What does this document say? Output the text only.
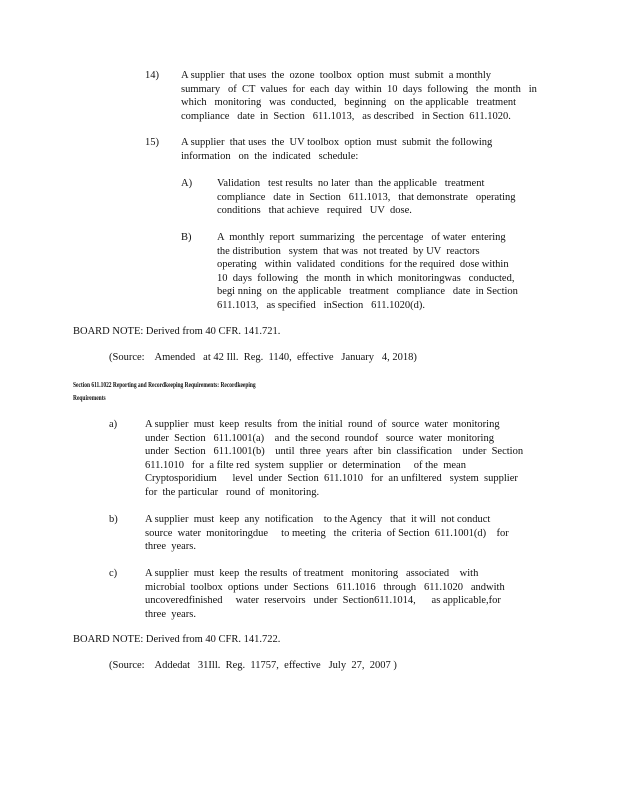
14) A supplier  that uses  the  ozone  toolbox  option  must  submit  a monthly
summary   of  CT  values  for  each  day  within  10  days  following   the  month   in
which   monitoring   was  conducted,   beginning   on  the applicable   treatment
compliance   date  in  Section   611.1013,   as described   in Section  611.1020.
15) A supplier  that uses  the  UV toolbox  option  must  submit  the following
information   on  the  indicated   schedule:
A) Validation   test results  no later  than  the applicable   treatment
compliance   date  in  Section   611.1013,   that demonstrate   operating
conditions   that achieve   required   UV  dose.
B) A  monthly  report  summarizing   the percentage   of water  entering
the distribution   system  that was  not treated  by UV  reactors
operating   within  validated  conditions  for the required  dose within
10  days  following   the  month  in which  monitoringwas   conducted,
begi nning  on  the applicable   treatment   compliance   date  in Section
611.1013,   as specified   inSection   611.1020(d).
BOARD NOTE: Derived from 40 CFR. 141.721.
(Source:    Amended   at 42 Ill.  Reg.  1140,  effective   January   4, 2018)
Section 611.1022 Reporting and Recordkeeping Requirements: Recordkeeping
Requirements
a)	A supplier  must  keep  results  from  the initial  round  of  source  water  monitoring
under  Section   611.1001(a)    and  the second  roundof   source  water  monitoring
under  Section   611.1001(b)    until  three  years  after  bin  classification    under  Section
611.1010   for  a filte red  system  supplier  or  determination     of the  mean
Cryptosporidium      level  under  Section  611.1010   for  an unfiltered   system  supplier
for  the particular   round  of  monitoring.
b)	A supplier  must  keep  any  notification    to the Agency   that  it will  not conduct
source  water  monitoringdue     to meeting   the  criteria  of Section  611.1001(d)    for
three  years.
c)	A supplier  must  keep  the results  of treatment   monitoring   associated    with
microbial  toolbox  options  under  Sections   611.1016   through   611.1020   andwith
uncoveredfinished     water  reservoirs   under  Section611.1014,      as applicable,for
three  years.
BOARD NOTE: Derived from 40 CFR. 141.722.
(Source:    Addedat   31Ill.  Reg.  11757,  effective   July  27,  2007 )
